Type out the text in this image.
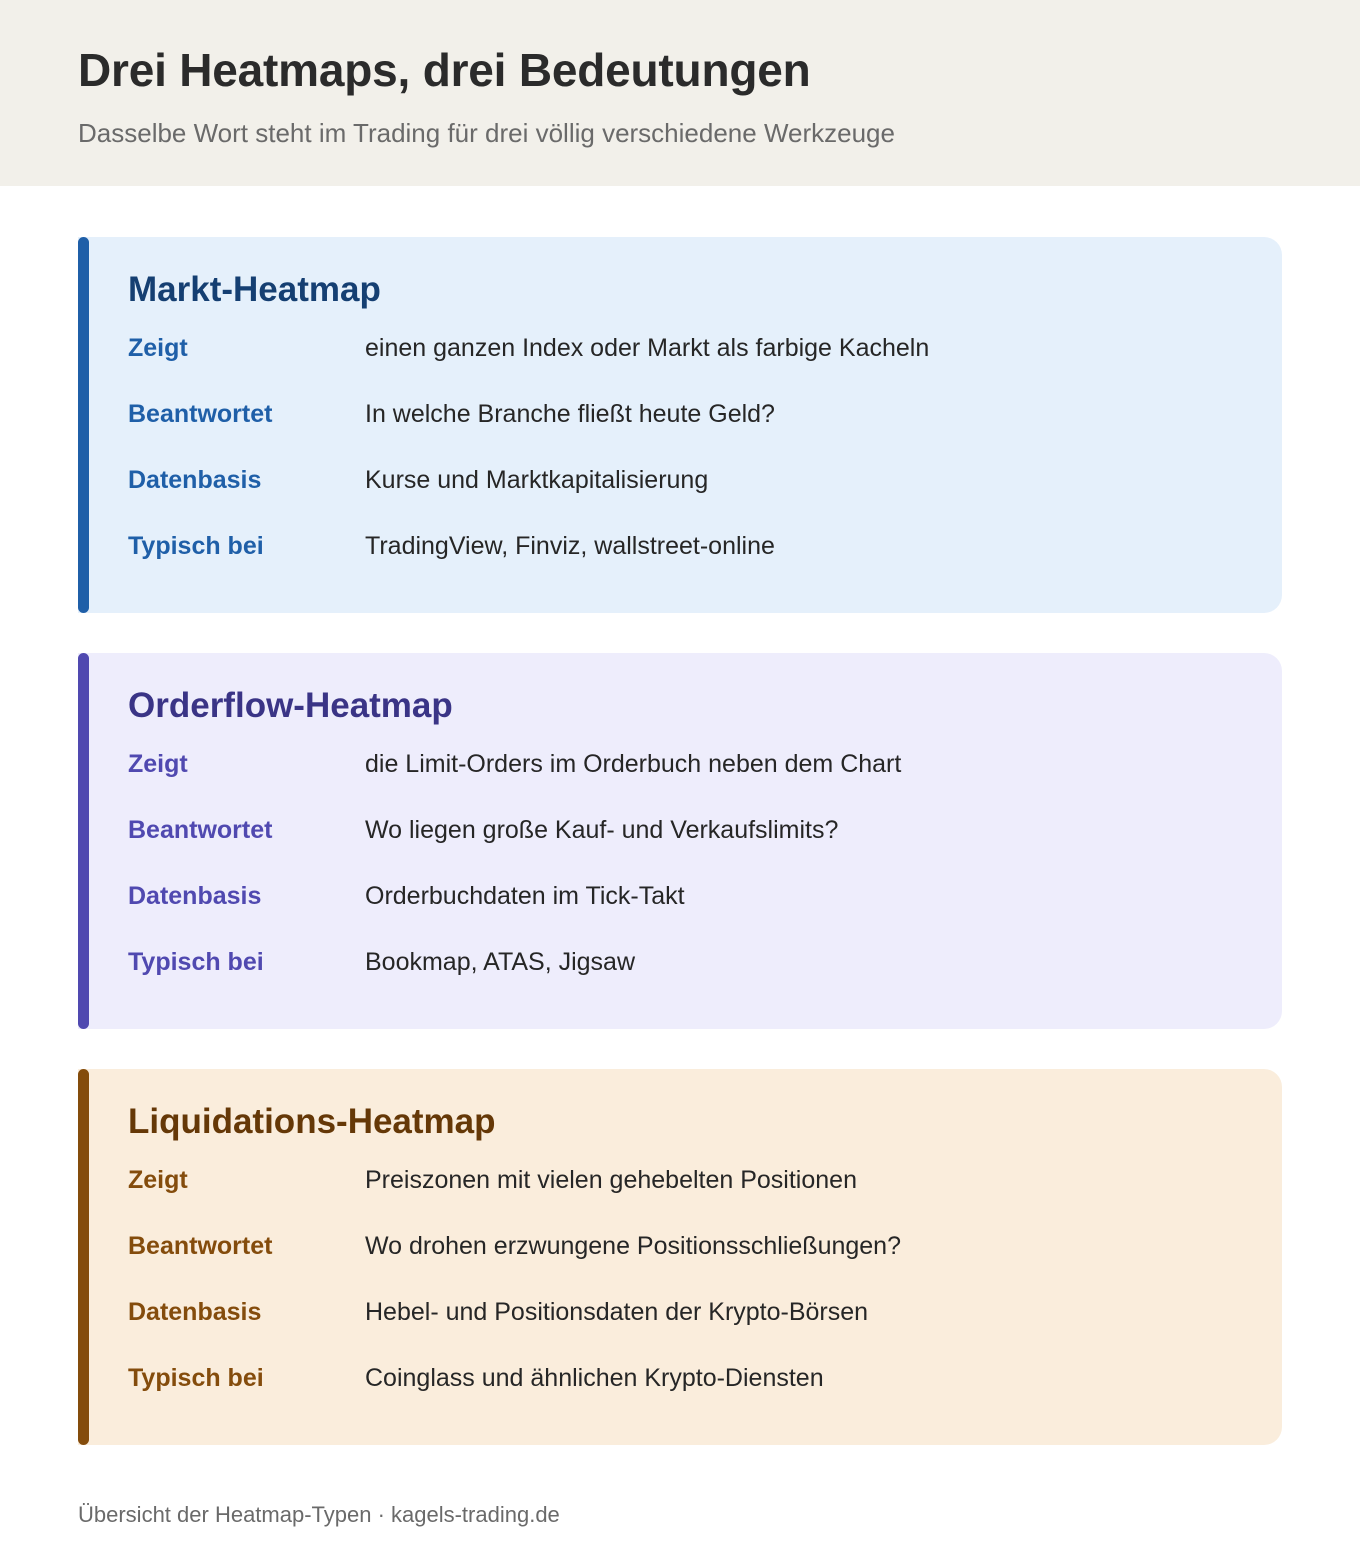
Drei Heatmaps, drei Bedeutungen

Dasselbe Wort steht im Trading für drei völlig verschiedene Werkzeuge

Markt-Heatmap
Zeigt	einen ganzen Index oder Markt als farbige Kacheln
Beantwortet	In welche Branche fließt heute Geld?
Datenbasis	Kurse und Marktkapitalisierung
Typisch bei	TradingView, Finviz, wallstreet-online
Orderflow-Heatmap
Zeigt	die Limit-Orders im Orderbuch neben dem Chart
Beantwortet	Wo liegen große Kauf- und Verkaufslimits?
Datenbasis	Orderbuchdaten im Tick-Takt
Typisch bei	Bookmap, ATAS, Jigsaw
Liquidations-Heatmap
Zeigt	Preiszonen mit vielen gehebelten Positionen
Beantwortet	Wo drohen erzwungene Positionsschließungen?
Datenbasis	Hebel- und Positionsdaten der Krypto-Börsen
Typisch bei	Coinglass und ähnlichen Krypto-Diensten

Übersicht der Heatmap-Typen · kagels-trading.de
